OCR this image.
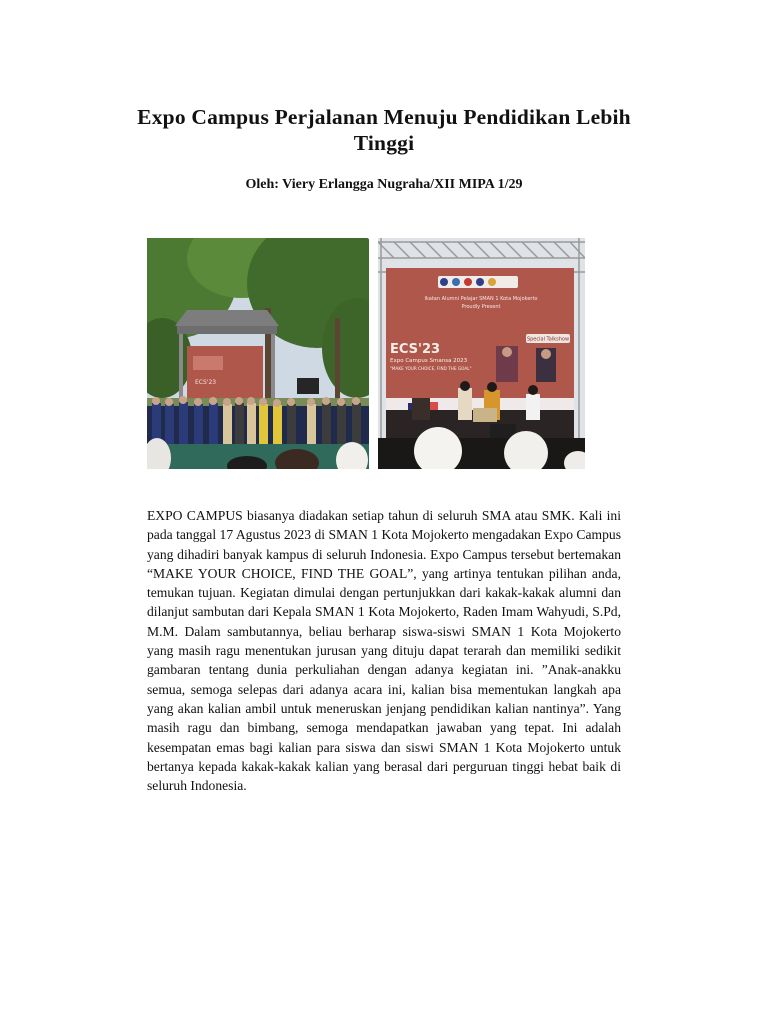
Expo Campus Perjalanan Menuju Pendidikan Lebih Tinggi

Oleh: Viery Erlangga Nugraha/XII MIPA 1/29

ECS'23
Ikatan Alumni Pelajar SMAN 1 Kota Mojokerto
Proudly Present
ECS'23
Expo Campus Smansa 2023
"MAKE YOUR CHOICE, FIND THE GOAL"
Special Talkshow

EXPO CAMPUS biasanya diadakan setiap tahun di seluruh SMA atau SMK. Kali ini pada tanggal 17 Agustus 2023 di SMAN 1 Kota Mojokerto mengadakan Expo Campus yang dihadiri banyak kampus di seluruh Indonesia. Expo Campus tersebut bertemakan “MAKE YOUR CHOICE, FIND THE GOAL”, yang artinya tentukan pilihan anda, temukan tujuan. Kegiatan dimulai dengan pertunjukkan dari kakak-kakak alumni dan dilanjut sambutan dari Kepala SMAN 1 Kota Mojokerto, Raden Imam Wahyudi, S.Pd, M.M. Dalam sambutannya, beliau berharap siswa-siswi SMAN 1 Kota Mojokerto yang masih ragu menentukan jurusan yang dituju dapat terarah dan memiliki sedikit gambaran tentang dunia perkuliahan dengan adanya kegiatan ini. ”Anak-anakku semua, semoga selepas dari adanya acara ini, kalian bisa mementukan langkah apa yang akan kalian ambil untuk meneruskan jenjang pendidikan kalian nantinya”. Yang masih ragu dan bimbang, semoga mendapatkan jawaban yang tepat. Ini adalah kesempatan emas bagi kalian para siswa dan siswi SMAN 1 Kota Mojokerto untuk bertanya kepada kakak-kakak kalian yang berasal dari perguruan tinggi hebat baik di seluruh Indonesia.
